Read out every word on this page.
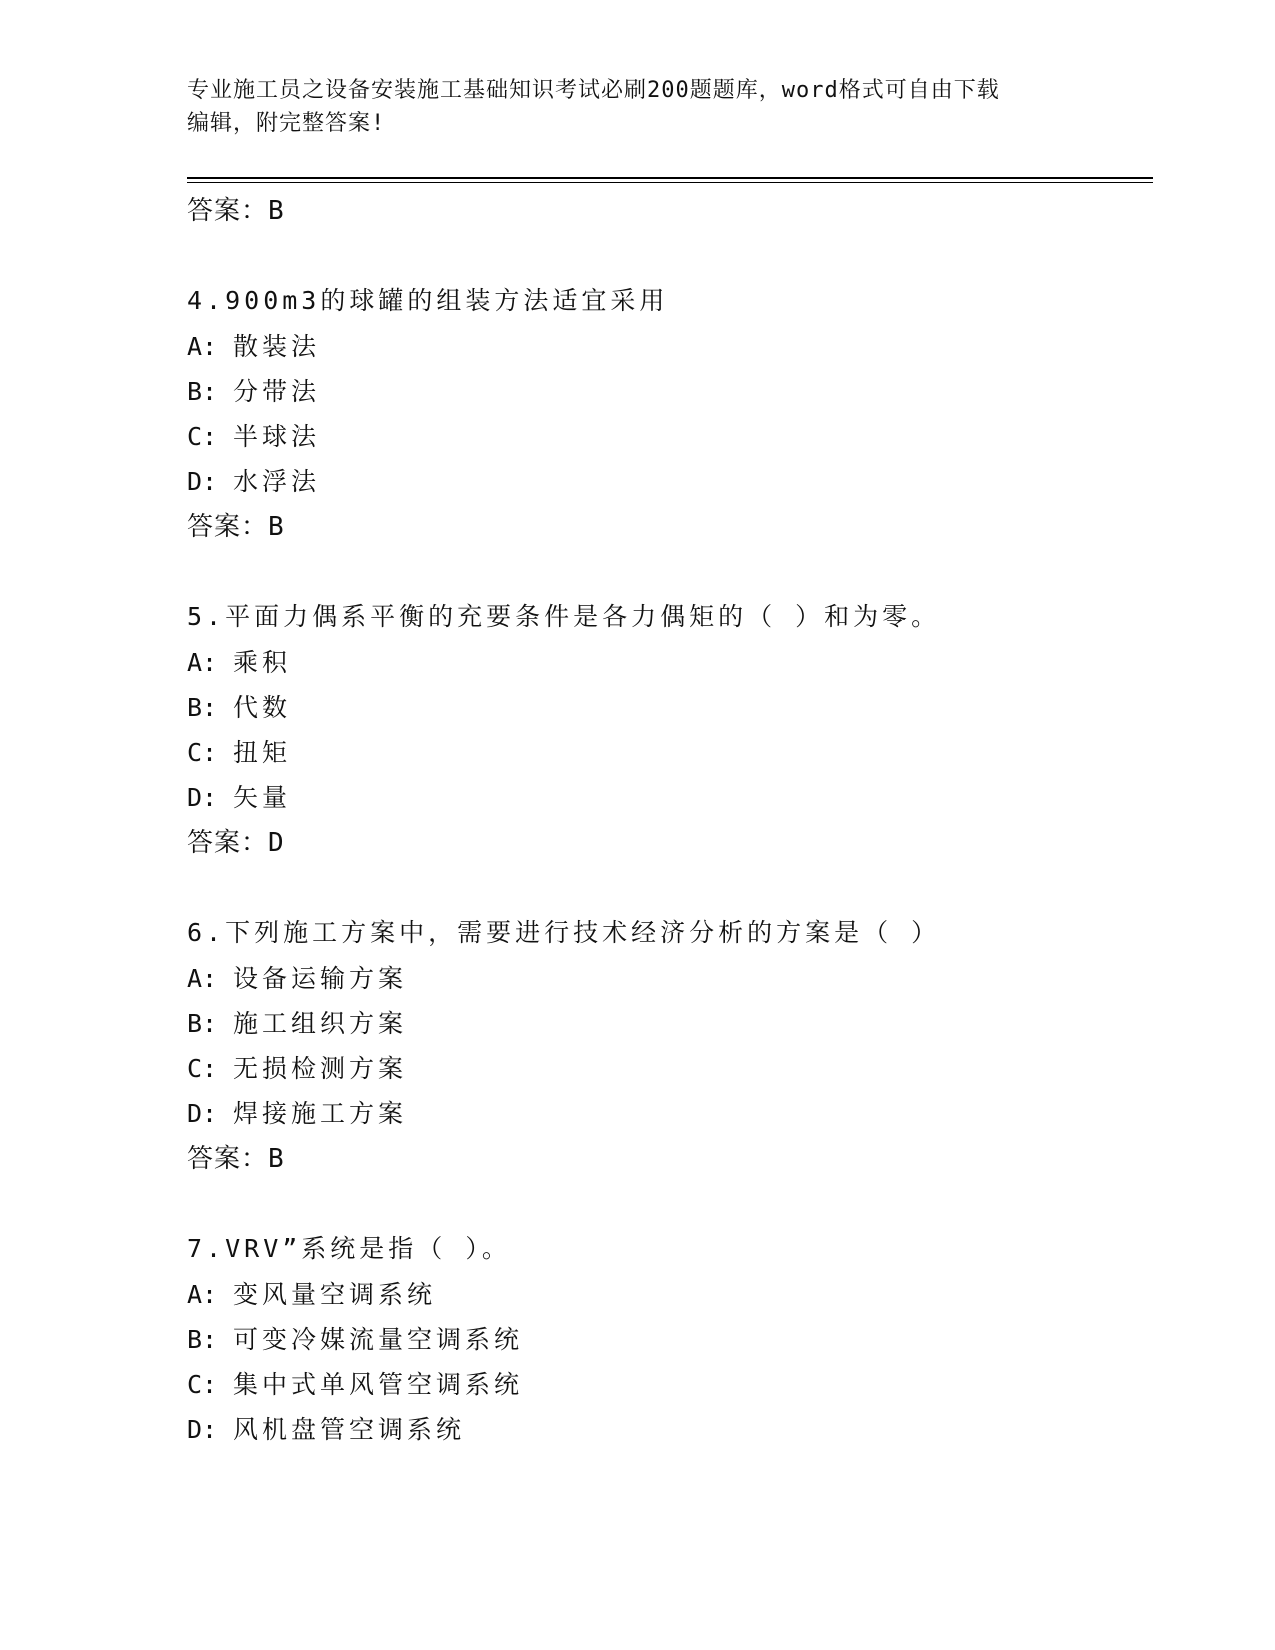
专业施工员之设备安装施工基础知识考试必刷200题题库，word格式可自由下载
编辑，附完整答案!
答案：B
4.900m3的球罐的组装方法适宜采用
A: 散装法
B: 分带法
C: 半球法
D: 水浮法
答案：B
5.平面力偶系平衡的充要条件是各力偶矩的（ ）和为零。
A: 乘积
B: 代数
C: 扭矩
D: 矢量
答案：D
6.下列施工方案中，需要进行技术经济分析的方案是（ ）
A: 设备运输方案
B: 施工组织方案
C: 无损检测方案
D: 焊接施工方案
答案：B
7.VRV”系统是指（ ）。
A: 变风量空调系统
B: 可变冷媒流量空调系统
C: 集中式单风管空调系统
D: 风机盘管空调系统
